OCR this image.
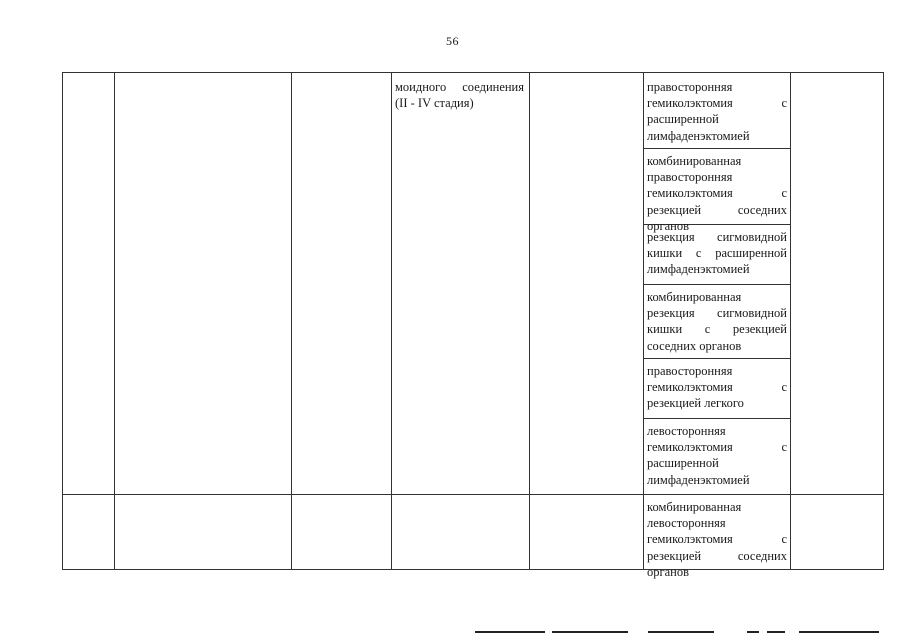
56
моидного соединения (II - IV стадия)
правосторонняя гемиколэктомия с расширенной лимфаденэктомией
комбинированная правосторонняя гемиколэктомия с резекцией соседних органов
резекция сигмовидной кишки с расширенной лимфаденэктомией
комбинированная резекция сигмовидной кишки с резекцией соседних органов
правосторонняя гемиколэктомия с резекцией легкого
левосторонняя гемиколэктомия с расширенной лимфаденэктомией
комбинированная левосторонняя гемиколэктомия с резекцией соседних органов
